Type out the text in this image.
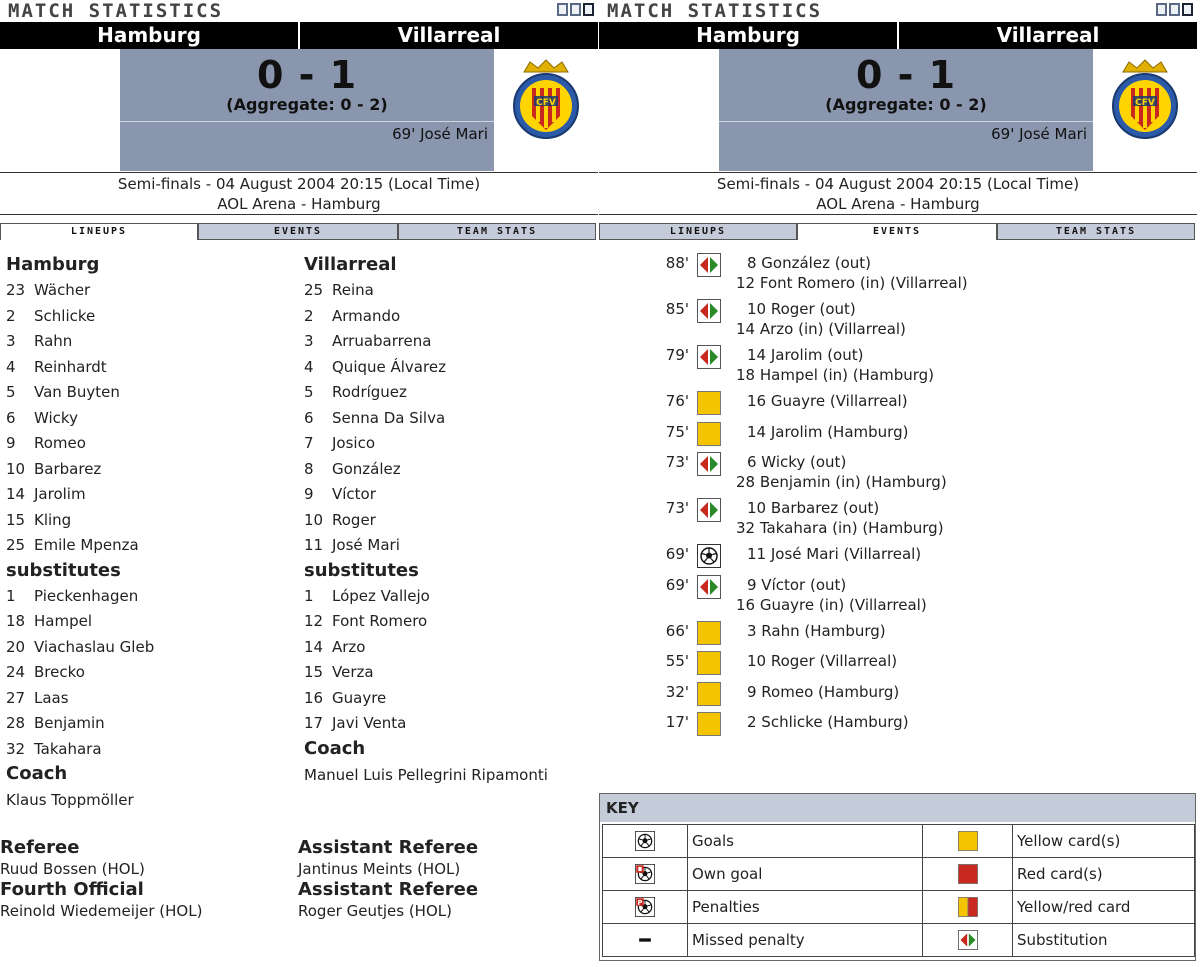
MATCH STATISTICS
Hamburg	Villarreal
0 - 1
(Aggregate: 0 - 2)
69' José Mari
CFV
Semi-finals - 04 August 2004 20:15 (Local Time)
AOL Arena - Hamburg
LINEUPS	EVENTS	TEAM STATS
Hamburg
23 Wächer
2 Schlicke
3 Rahn
4 Reinhardt
5 Van Buyten
6 Wicky
9 Romeo
10 Barbarez
14 Jarolim
15 Kling
25 Emile Mpenza
substitutes
1 Pieckenhagen
18 Hampel
20 Viachaslau Gleb
24 Brecko
27 Laas
28 Benjamin
32 Takahara
Coach
Klaus Toppmöller
Villarreal
25 Reina
2 Armando
3 Arruabarrena
4 Quique Álvarez
5 Rodríguez
6 Senna Da Silva
7 Josico
8 González
9 Víctor
10 Roger
11 José Mari
substitutes
1 López Vallejo
12 Font Romero
14 Arzo
15 Verza
16 Guayre
17 Javi Venta
Coach
Manuel Luis Pellegrini Ripamonti
Referee
Ruud Bossen (HOL)
Fourth Official
Reinold Wiedemeijer (HOL)
Assistant Referee
Jantinus Meints (HOL)
Assistant Referee
Roger Geutjes (HOL)
MATCH STATISTICS
Hamburg	Villarreal
0 - 1
(Aggregate: 0 - 2)
69' José Mari
CFV
Semi-finals - 04 August 2004 20:15 (Local Time)
AOL Arena - Hamburg
LINEUPS	EVENTS	TEAM STATS
88'	8 González (out)
12 Font Romero (in) (Villarreal)
85'	10 Roger (out)
14 Arzo (in) (Villarreal)
79'	14 Jarolim (out)
18 Hampel (in) (Hamburg)
76'	16 Guayre (Villarreal)
75'	14 Jarolim (Hamburg)
73'	6 Wicky (out)
28 Benjamin (in) (Hamburg)
73'	10 Barbarez (out)
32 Takahara (in) (Hamburg)
69'	11 José Mari (Villarreal)
69'	9 Víctor (out)
16 Guayre (in) (Villarreal)
66'	3 Rahn (Hamburg)
55'	10 Roger (Villarreal)
32'	9 Romeo (Hamburg)
17'	2 Schlicke (Hamburg)
KEY
	Goals		Yellow card(s)
	Own goal		Red card(s)

P	Penalties		Yellow/red card
	Missed penalty		Substitution
